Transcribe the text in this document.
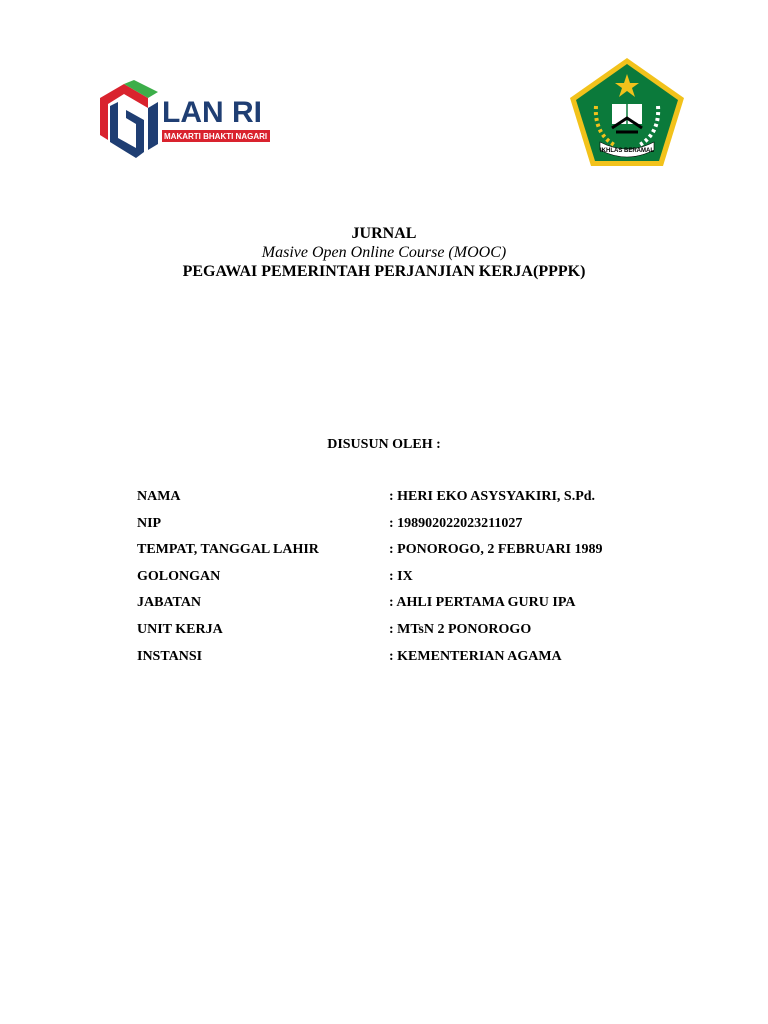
LAN RI
MAKARTI BHAKTI NAGARI
IKHLAS BERAMAL
JURNAL
Masive Open Online Course (MOOC)
PEGAWAI PEMERINTAH PERJANJIAN KERJA(PPPK)
DISUSUN OLEH :
NAMA	: HERI EKO ASYSYAKIRI, S.Pd.
NIP	: 198902022023211027
TEMPAT, TANGGAL LAHIR	: PONOROGO, 2 FEBRUARI 1989
GOLONGAN	: IX
JABATAN	: AHLI PERTAMA GURU IPA
UNIT KERJA	: MTsN 2 PONOROGO
INSTANSI	: KEMENTERIAN AGAMA
